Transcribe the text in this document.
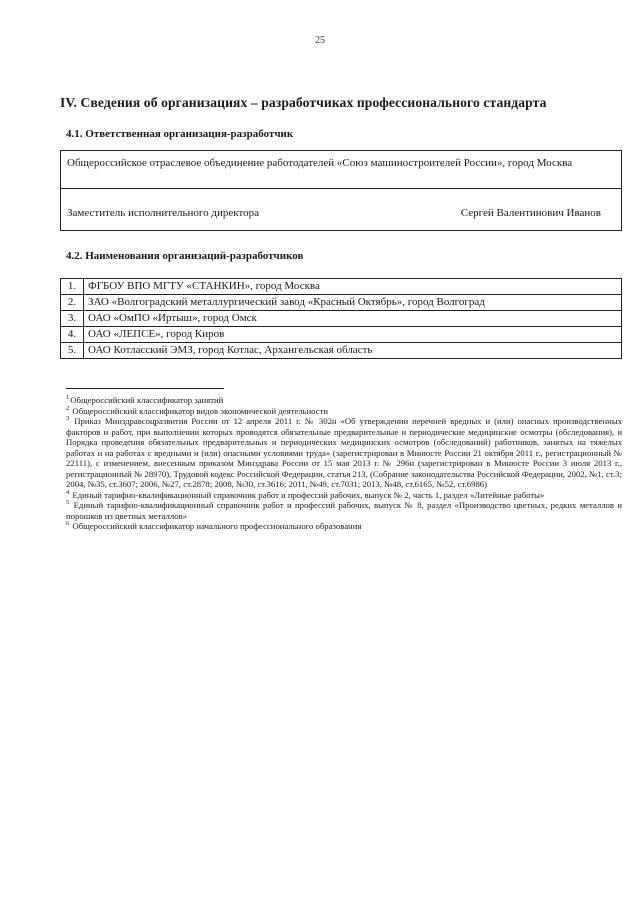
25
IV. Сведения об организациях – разработчиках профессионального стандарта
4.1. Ответственная организация-разработчик
Общероссийское отраслевое объединение работодателей «Союз машиностроителей России», город Москва
Заместитель исполнительного директора	Сергей Валентинович Иванов
4.2. Наименования организаций-разработчиков
1.	ФГБОУ ВПО МГТУ «СТАНКИН», город Москва
2.	ЗАО «Волгоградский металлургический завод «Красный Октябрь», город Волгоград
3.	ОАО «ОмПО «Иртыш», город Омск
4.	ОАО «ЛЕПСЕ», город Киров
5.	ОАО Котласский ЭМЗ, город Котлас, Архангельская область

$^1$Общероссийский классификатор занятий

$^2$ Общероссийский классификатор видов экономической деятельности

$^3$ Приказ Минздравсоцразвития России от 12 апреля 2011 г. № 302н «Об утверждении перечней вредных и (или) опасных производственных факторов и работ, при выполнении которых проводятся обязательные предварительные и периодические медицинские осмотры (обследования), и Порядка проведения обязательных предварительных и периодических медицинских осмотров (обследований) работников, занятых на тяжелых работах и на работах с вредными и (или) опасными условиями труда» (зарегистрирован в Минюсте России 21 октября 2011 г., регистрационный № 22111), с изменением, внесенным приказом Минздрава России от 15 мая 2013 г. № 296н (зарегистрирован в Минюсте России 3 июля 2013 г., регистрационный № 28970), Трудовой кодекс Российской Федерации, статья 213, (Собрание законодательства Российской Федерации, 2002, №1, ст.3; 2004, №35, ст.3607; 2006, №27, ст.2878; 2008, №30, ст.3616; 2011, №49, ст.7031; 2013, №48, ст.6165, №52, ст.6986)

$^4$ Единый тарифно-квалификационный справочник работ и профессий рабочих, выпуск № 2, часть 1, раздел «Литейные работы»

$^5$ Единый тарифно-квалификационный справочник работ и профессий рабочих, выпуск № 8, раздел «Производство цветных, редких металлов и порошков из цветных металлов»

$^6$ Общероссийский классификатор начального профессионального образования
